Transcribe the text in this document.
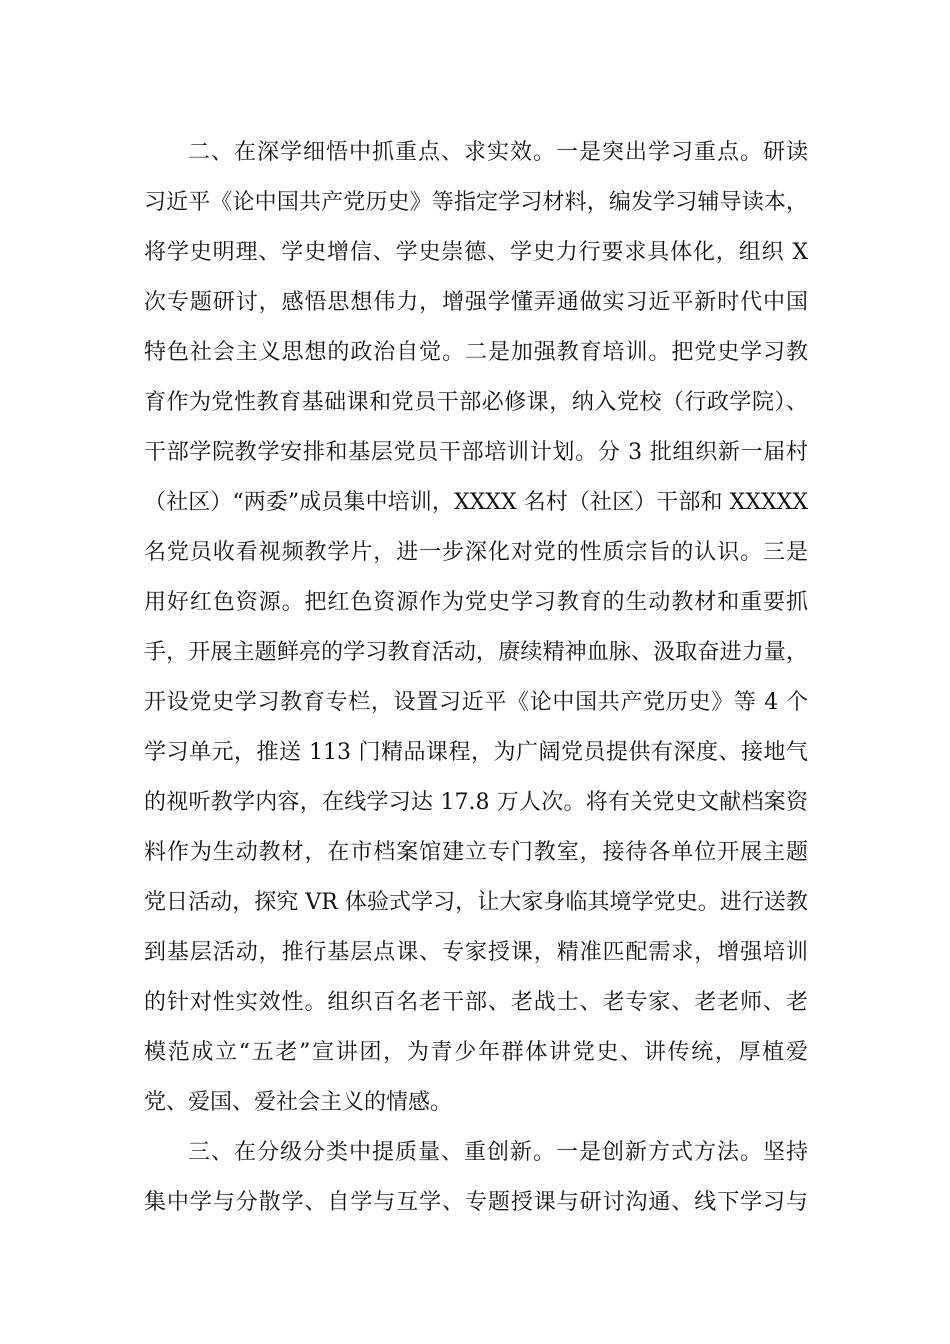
二、在深学细悟中抓重点、求实效。一是突出学习重点。研读
习近平《论中国共产党历史》等指定学习材料，编发学习辅导读本，
将学史明理、学史增信、学史崇德、学史力行要求具体化，组织 X
次专题研讨，感悟思想伟力，增强学懂弄通做实习近平新时代中国
特色社会主义思想的政治自觉。二是加强教育培训。把党史学习教
育作为党性教育基础课和党员干部必修课，纳入党校（行政学院）、
干部学院教学安排和基层党员干部培训计划。分 3 批组织新一届村
（社区）“两委”成员集中培训，XXXX 名村（社区）干部和 XXXXX
名党员收看视频教学片，进一步深化对党的性质宗旨的认识。三是
用好红色资源。把红色资源作为党史学习教育的生动教材和重要抓
手，开展主题鲜亮的学习教育活动，赓续精神血脉、汲取奋进力量，
开设党史学习教育专栏，设置习近平《论中国共产党历史》等 4 个
学习单元，推送 113 门精品课程，为广阔党员提供有深度、接地气
的视听教学内容，在线学习达 17.8 万人次。将有关党史文献档案资
料作为生动教材，在市档案馆建立专门教室，接待各单位开展主题
党日活动，探究 VR 体验式学习，让大家身临其境学党史。进行送教
到基层活动，推行基层点课、专家授课，精准匹配需求，增强培训
的针对性实效性。组织百名老干部、老战士、老专家、老老师、老
模范成立“五老”宣讲团，为青少年群体讲党史、讲传统，厚植爱
党、爱国、爱社会主义的情感。
三、在分级分类中提质量、重创新。一是创新方式方法。坚持
集中学与分散学、自学与互学、专题授课与研讨沟通、线下学习与
